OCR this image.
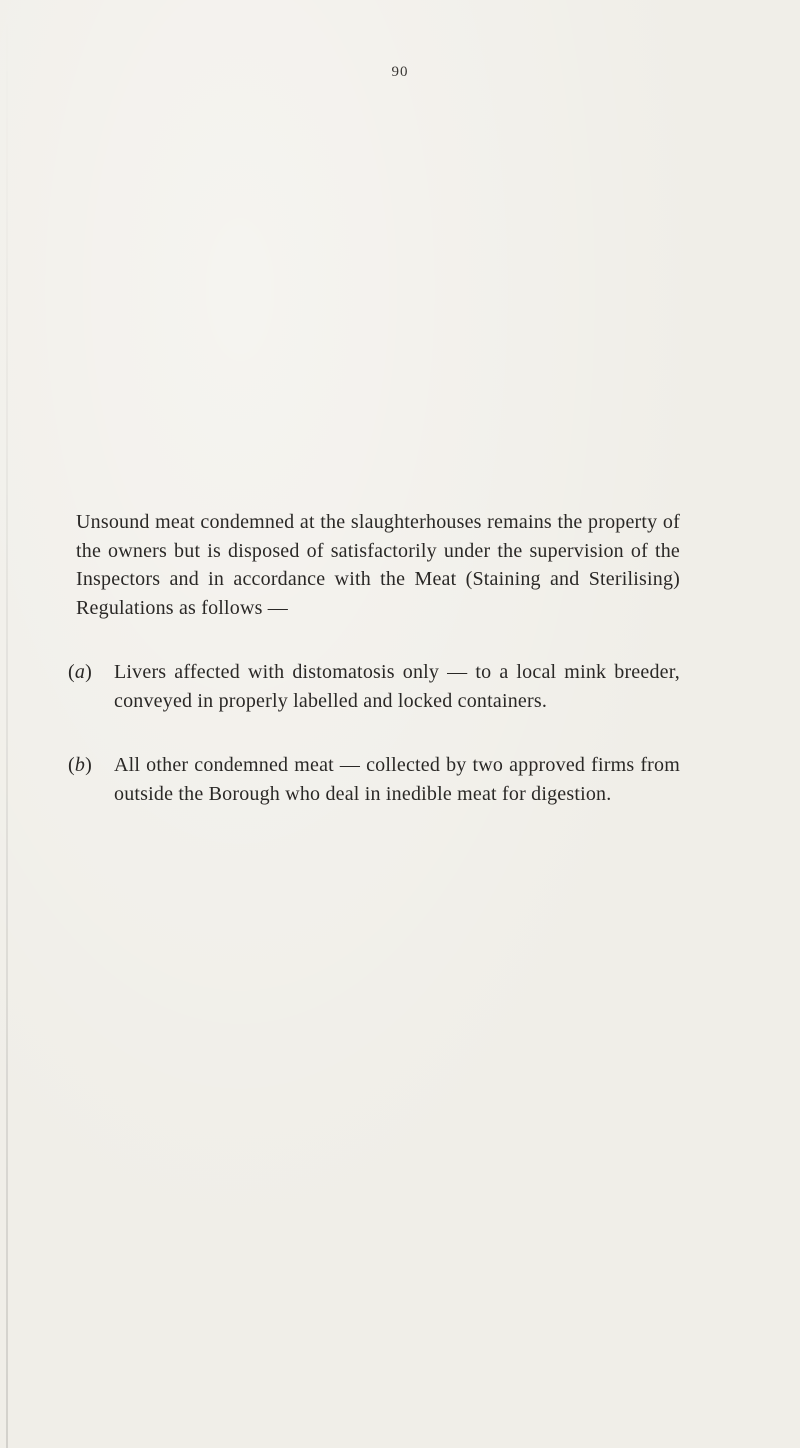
90

Unsound meat condemned at the slaughterhouses remains the property of the owners but is disposed of satisfactorily under the supervision of the Inspectors and in accordance with the Meat (Staining and Sterilising) Regulations as follows —

(a) Livers affected with distomatosis only — to a local mink breeder, conveyed in properly labelled and locked containers.
(b) All other condemned meat — collected by two approved firms from outside the Borough who deal in inedible meat for digestion.
